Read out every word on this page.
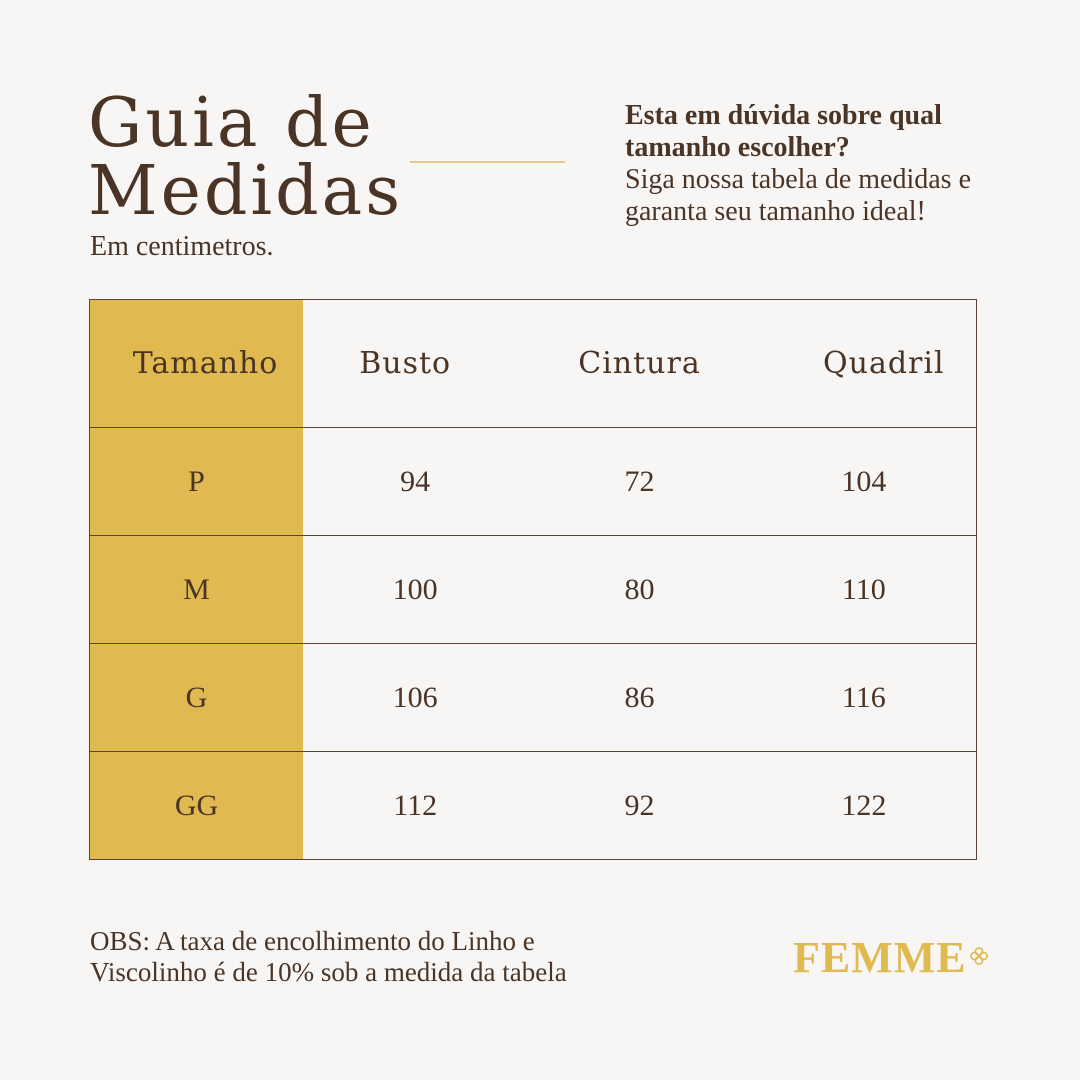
Guia de
Medidas
Em centimetros.
Esta em dúvida sobre qual tamanho escolher?
Siga nossa tabela de medidas e garanta seu tamanho ideal!
Tamanho	Busto	Cintura	Quadril
P	94	72	104
M	100	80	110
G	106	86	116
GG	112	92	122
OBS: A taxa de encolhimento do Linho e
Viscolinho é de 10% sob a medida da tabela	FEMME
